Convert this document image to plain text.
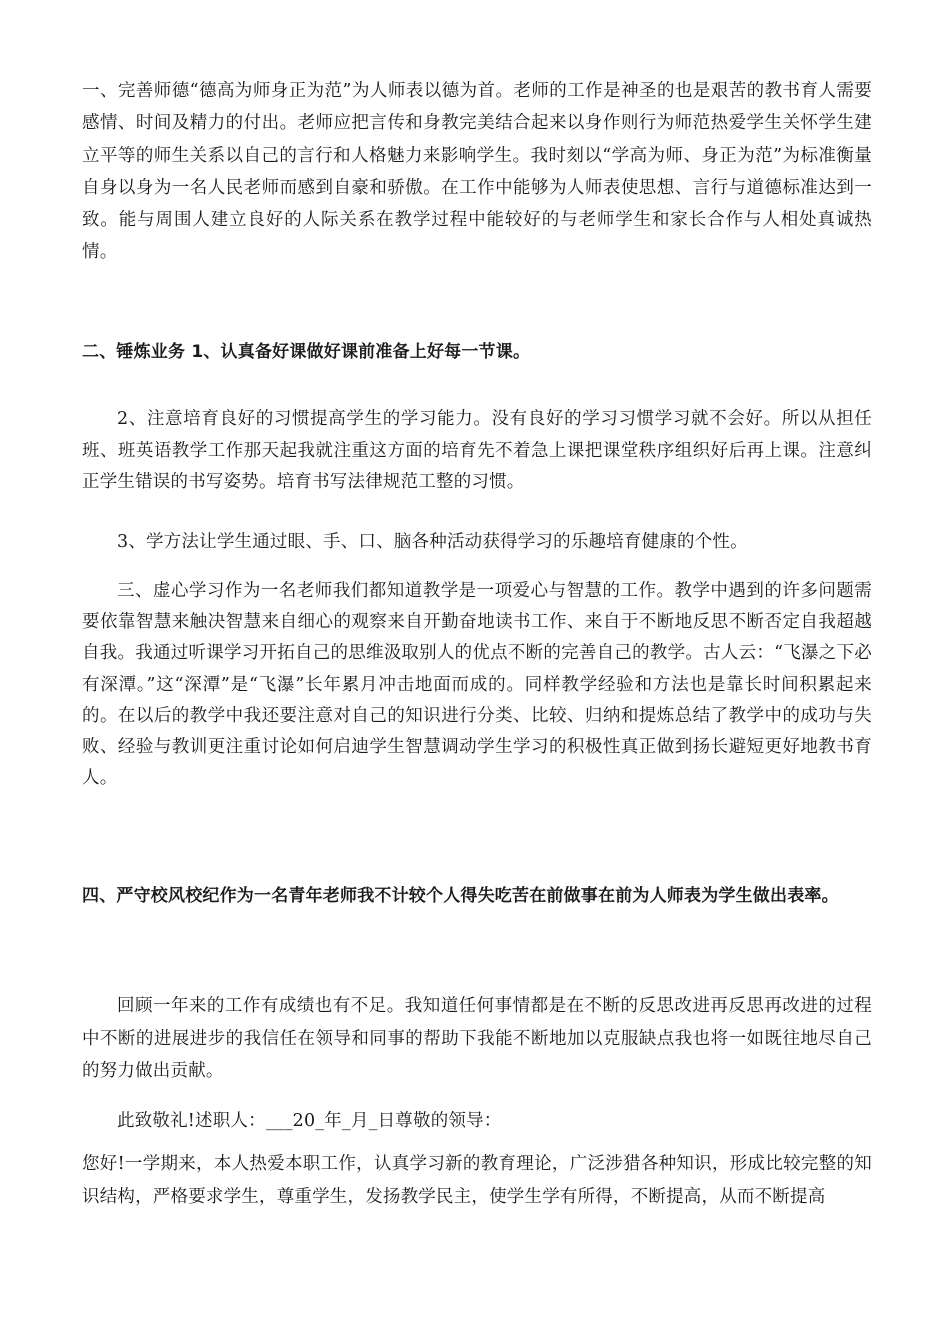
一、完善师德“德高为师身正为范”为人师表以德为首。老师的工作是神圣的也是艰苦的教书育人需要感情、时间及精力的付出。老师应把言传和身教完美结合起来以身作则行为师范热爱学生关怀学生建立平等的师生关系以自己的言行和人格魅力来影响学生。我时刻以“学高为师、身正为范”为标准衡量自身以身为一名人民老师而感到自豪和骄傲。在工作中能够为人师表使思想、言行与道德标准达到一致。能与周围人建立良好的人际关系在教学过程中能较好的与老师学生和家长合作与人相处真诚热情。

二、锤炼业务 1、认真备好课做好课前准备上好每一节课。

2、注意培育良好的习惯提高学生的学习能力。没有良好的学习习惯学习就不会好。所以从担任班、班英语教学工作那天起我就注重这方面的培育先不着急上课把课堂秩序组织好后再上课。注意纠正学生错误的书写姿势。培育书写法律规范工整的习惯。

3、学方法让学生通过眼、手、口、脑各种活动获得学习的乐趣培育健康的个性。

三、虚心学习作为一名老师我们都知道教学是一项爱心与智慧的工作。教学中遇到的许多问题需要依靠智慧来触决智慧来自细心的观察来自开勤奋地读书工作、来自于不断地反思不断否定自我超越自我。我通过听课学习开拓自己的思维汲取别人的优点不断的完善自己的教学。古人云：“飞瀑之下必有深潭。”这“深潭”是“飞瀑”长年累月冲击地面而成的。同样教学经验和方法也是靠长时间积累起来的。在以后的教学中我还要注意对自己的知识进行分类、比较、归纳和提炼总结了教学中的成功与失败、经验与教训更注重讨论如何启迪学生智慧调动学生学习的积极性真正做到扬长避短更好地教书育人。

四、严守校风校纪作为一名青年老师我不计较个人得失吃苦在前做事在前为人师表为学生做出表率。

回顾一年来的工作有成绩也有不足。我知道任何事情都是在不断的反思改进再反思再改进的过程中不断的进展进步的我信任在领导和同事的帮助下我能不断地加以克服缺点我也将一如既往地尽自己的努力做出贡献。

此致敬礼!述职人：___20_年_月_日尊敬的领导：

您好!一学期来，本人热爱本职工作，认真学习新的教育理论，广泛涉猎各种知识，形成比较完整的知识结构，严格要求学生，尊重学生，发扬教学民主，使学生学有所得，不断提高，从而不断提高
